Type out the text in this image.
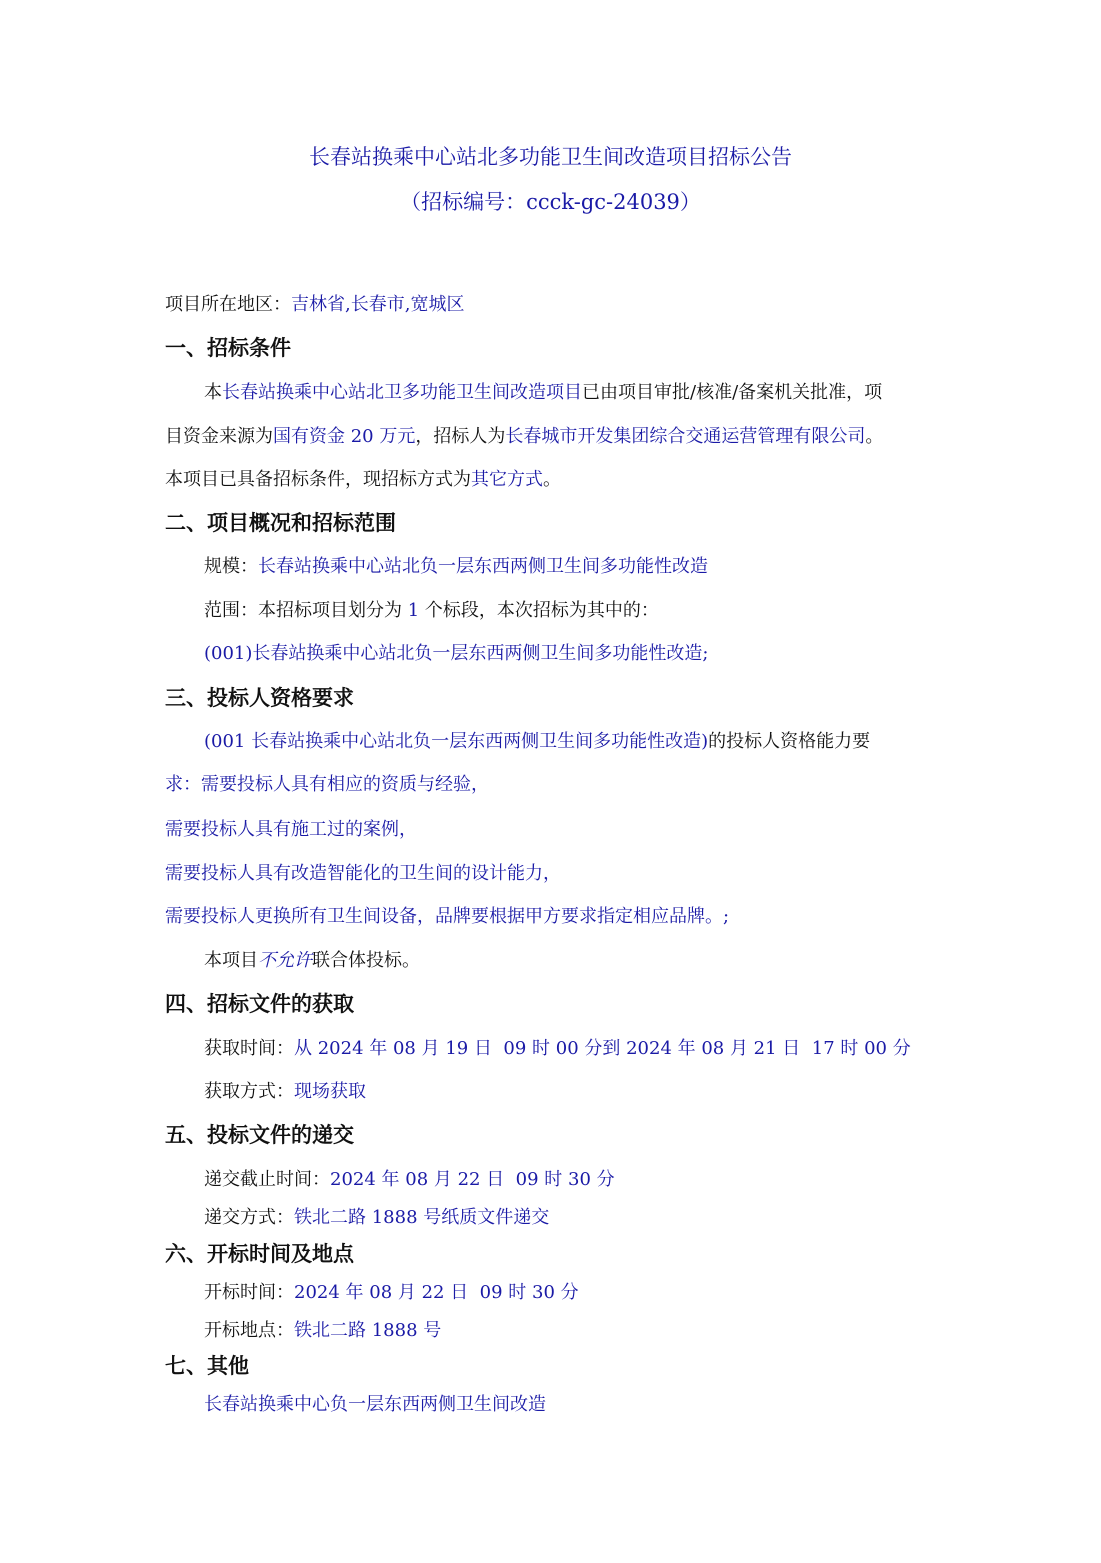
长春站换乘中心站北多功能卫生间改造项目招标公告
（招标编号：ccck-gc-24039）
项目所在地区：吉林省,长春市,宽城区
一、招标条件
本长春站换乘中心站北卫多功能卫生间改造项目已由项目审批/核准/备案机关批准，项
目资金来源为国有资金 20 万元，招标人为长春城市开发集团综合交通运营管理有限公司。
本项目已具备招标条件，现招标方式为其它方式。
二、项目概况和招标范围
规模：长春站换乘中心站北负一层东西两侧卫生间多功能性改造
范围：本招标项目划分为 1 个标段，本次招标为其中的：
(001)长春站换乘中心站北负一层东西两侧卫生间多功能性改造;
三、投标人资格要求
(001 长春站换乘中心站北负一层东西两侧卫生间多功能性改造)的投标人资格能力要
求：需要投标人具有相应的资质与经验，
需要投标人具有施工过的案例，
需要投标人具有改造智能化的卫生间的设计能力，
需要投标人更换所有卫生间设备，品牌要根据甲方要求指定相应品牌。;
本项目不允许联合体投标。
四、招标文件的获取
获取时间：从 2024 年 08 月 19 日  09 时 00 分到 2024 年 08 月 21 日  17 时 00 分
获取方式：现场获取
五、投标文件的递交
递交截止时间：2024 年 08 月 22 日  09 时 30 分
递交方式：铁北二路 1888 号纸质文件递交
六、开标时间及地点
开标时间：2024 年 08 月 22 日  09 时 30 分
开标地点：铁北二路 1888 号
七、其他
长春站换乘中心负一层东西两侧卫生间改造
